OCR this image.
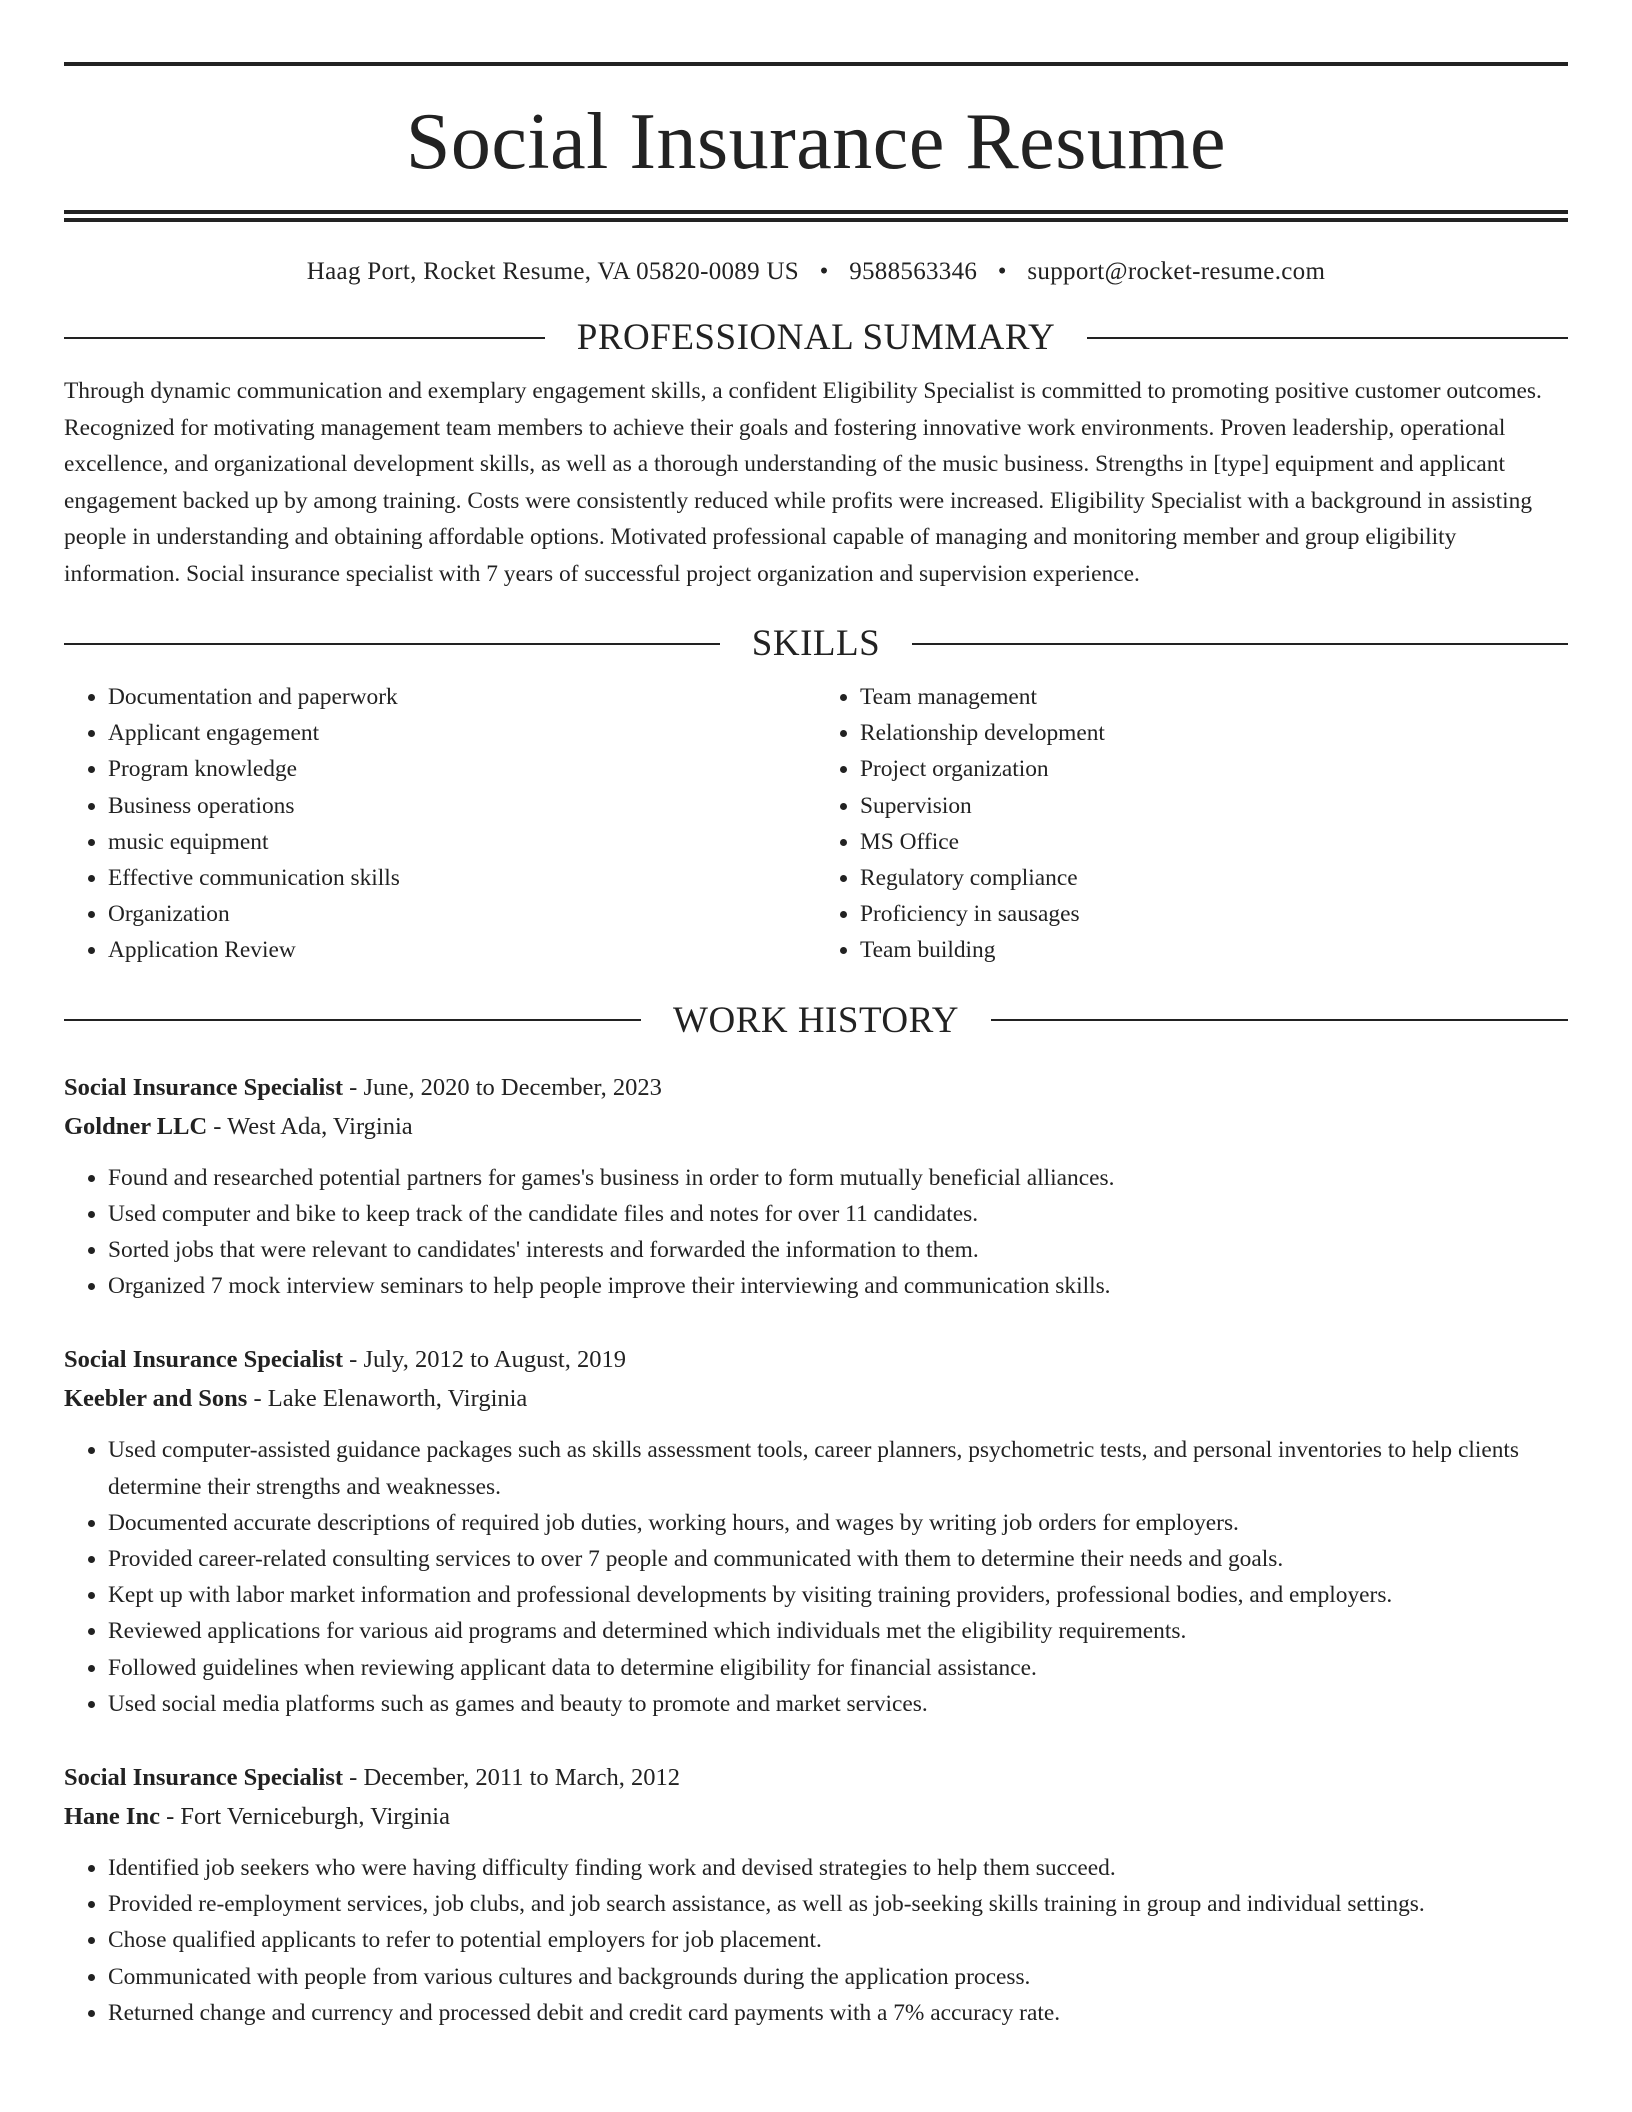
Social Insurance Resume
Haag Port, Rocket Resume, VA 05820-0089 US • 9588563346 • support@rocket-resume.com
PROFESSIONAL SUMMARY

Through dynamic communication and exemplary engagement skills, a confident Eligibility Specialist is committed to promoting positive customer outcomes. Recognized for motivating management team members to achieve their goals and fostering innovative work environments. Proven leadership, operational excellence, and organizational development skills, as well as a thorough understanding of the music business. Strengths in [type] equipment and applicant engagement backed up by among training. Costs were consistently reduced while profits were increased. Eligibility Specialist with a background in assisting people in understanding and obtaining affordable options. Motivated professional capable of managing and monitoring member and group eligibility information. Social insurance specialist with 7 years of successful project organization and supervision experience.

SKILLS
• Documentation and paperwork
• Applicant engagement
• Program knowledge
• Business operations
• music equipment
• Effective communication skills
• Organization
• Application Review
• Team management
• Relationship development
• Project organization
• Supervision
• MS Office
• Regulatory compliance
• Proficiency in sausages
• Team building
WORK HISTORY
Social Insurance Specialist - June, 2020 to December, 2023
Goldner LLC - West Ada, Virginia
• Found and researched potential partners for games's business in order to form mutually beneficial alliances.
• Used computer and bike to keep track of the candidate files and notes for over 11 candidates.
• Sorted jobs that were relevant to candidates' interests and forwarded the information to them.
• Organized 7 mock interview seminars to help people improve their interviewing and communication skills.
Social Insurance Specialist - July, 2012 to August, 2019
Keebler and Sons - Lake Elenaworth, Virginia
• Used computer-assisted guidance packages such as skills assessment tools, career planners, psychometric tests, and personal inventories to help clients determine their strengths and weaknesses.
• Documented accurate descriptions of required job duties, working hours, and wages by writing job orders for employers.
• Provided career-related consulting services to over 7 people and communicated with them to determine their needs and goals.
• Kept up with labor market information and professional developments by visiting training providers, professional bodies, and employers.
• Reviewed applications for various aid programs and determined which individuals met the eligibility requirements.
• Followed guidelines when reviewing applicant data to determine eligibility for financial assistance.
• Used social media platforms such as games and beauty to promote and market services.
Social Insurance Specialist - December, 2011 to March, 2012
Hane Inc - Fort Verniceburgh, Virginia
• Identified job seekers who were having difficulty finding work and devised strategies to help them succeed.
• Provided re-employment services, job clubs, and job search assistance, as well as job-seeking skills training in group and individual settings.
• Chose qualified applicants to refer to potential employers for job placement.
• Communicated with people from various cultures and backgrounds during the application process.
• Returned change and currency and processed debit and credit card payments with a 7% accuracy rate.
